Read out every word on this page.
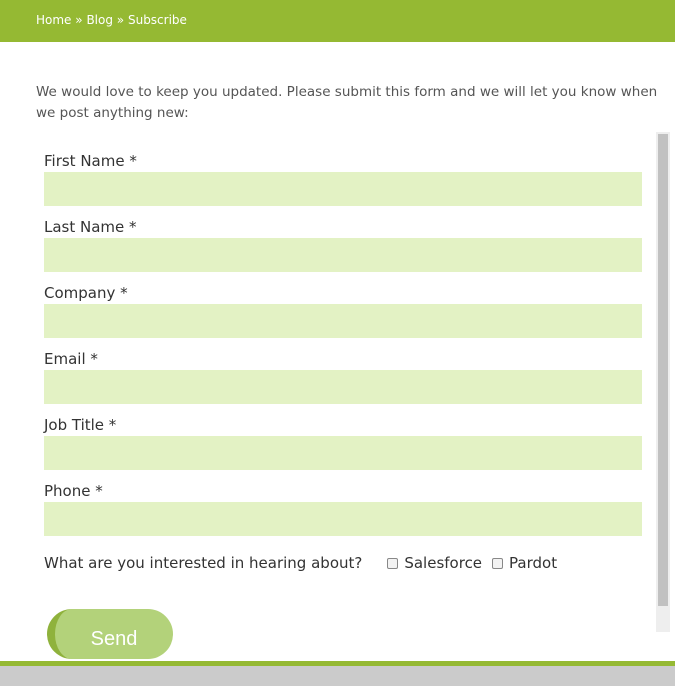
Home » Blog » Subscribe

We would love to keep you updated. Please submit this form and we will let you know when we post anything new:

First Name *
Last Name *
Company *
Email *
Job Title *
Phone *
What are you interested in hearing about?	Salesforce Pardot
Send
